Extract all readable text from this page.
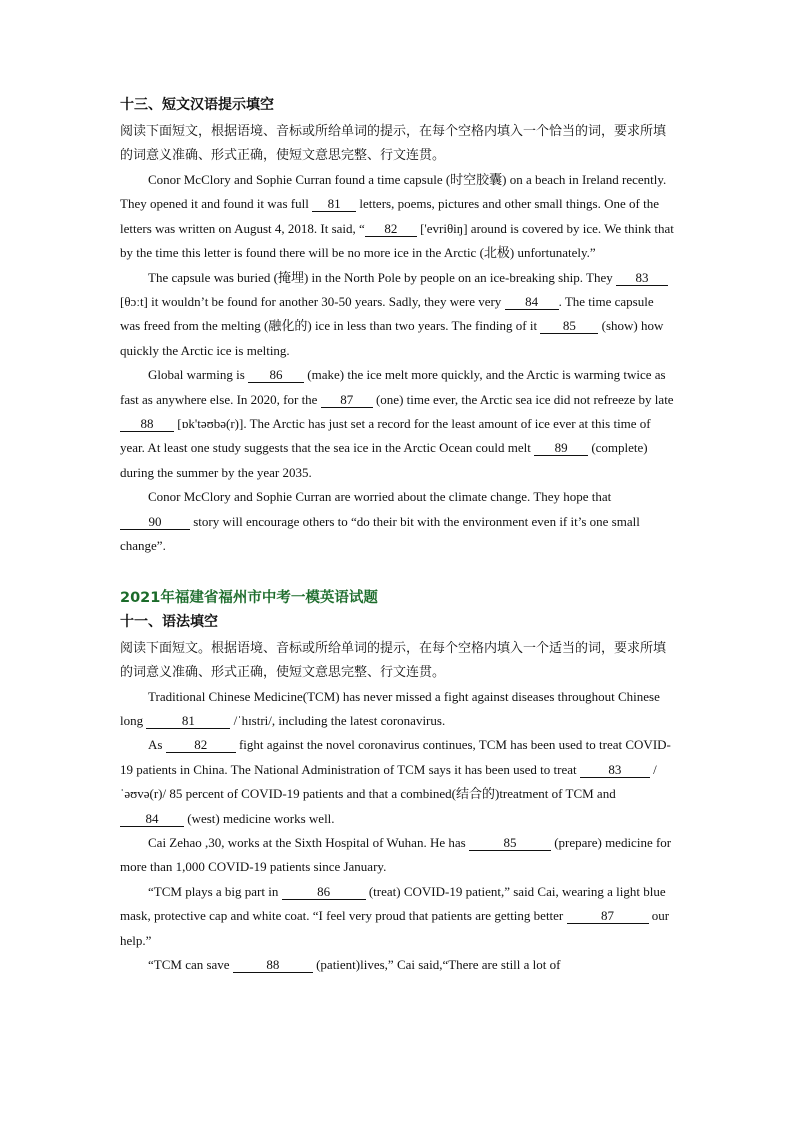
十三、短文汉语提示填空
阅读下面短文，根据语境、音标或所给单词的提示，在每个空格内填入一个恰当的词，要求所填的词意义准确、形式正确，使短文意思完整、行文连贯。

Conor McClory and Sophie Curran found a time capsule (时空胶囊) on a beach in Ireland recently. They opened it and found it was full 81 letters, poems, pictures and other small things. One of the letters was written on August 4, 2018. It said, “ 82 ['evriθiŋ] around is covered by ice. We think that by the time this letter is found there will be no more ice in the Arctic (北极) unfortunately.”

The capsule was buried (掩埋) in the North Pole by people on an ice-breaking ship. They 83 [θɔːt] it wouldn’t be found for another 30-50 years. Sadly, they were very 84 . The time capsule was freed from the melting (融化的) ice in less than two years. The finding of it 85 (show) how quickly the Arctic ice is melting.

Global warming is 86 (make) the ice melt more quickly, and the Arctic is warming twice as fast as anywhere else. In 2020, for the 87 (one) time ever, the Arctic sea ice did not refreeze by late 88 [ɒk'təʊbə(r)]. The Arctic has just set a record for the least amount of ice ever at this time of year. At least one study suggests that the sea ice in the Arctic Ocean could melt 89 (complete) during the summer by the year 2035.

Conor McClory and Sophie Curran are worried about the climate change. They hope that 90 story will encourage others to “do their bit with the environment even if it’s one small change”.

2021年福建省福州市中考一模英语试题
十一、语法填空
阅读下面短文。根据语境、音标或所给单词的提示，在每个空格内填入一个适当的词，要求所填的词意义准确、形式正确，使短文意思完整、行文连贯。

Traditional Chinese Medicine(TCM) has never missed a fight against diseases throughout Chinese long	81	/ˈhɪstri/, including the latest coronavirus.

As 82 fight against the novel coronavirus continues, TCM has been used to treat COVID-19 patients in China. The National Administration of TCM says it has been used to treat 83 /ˈəʊvə(r)/ 85 percent of COVID-19 patients and that a combined(结合的)treatment of TCM and 84 (west) medicine works well.

Cai Zehao ,30, works at the Sixth Hospital of Wuhan. He has	85	(prepare) medicine for more than 1,000 COVID-19 patients since January.

“TCM plays a big part in	86	(treat) COVID-19 patient,” said Cai, wearing a light blue mask, protective cap and white coat. “I feel very proud that patients are getting better	87	our help.”

“TCM can save	88	(patient)lives,” Cai said,“There are still a lot of
